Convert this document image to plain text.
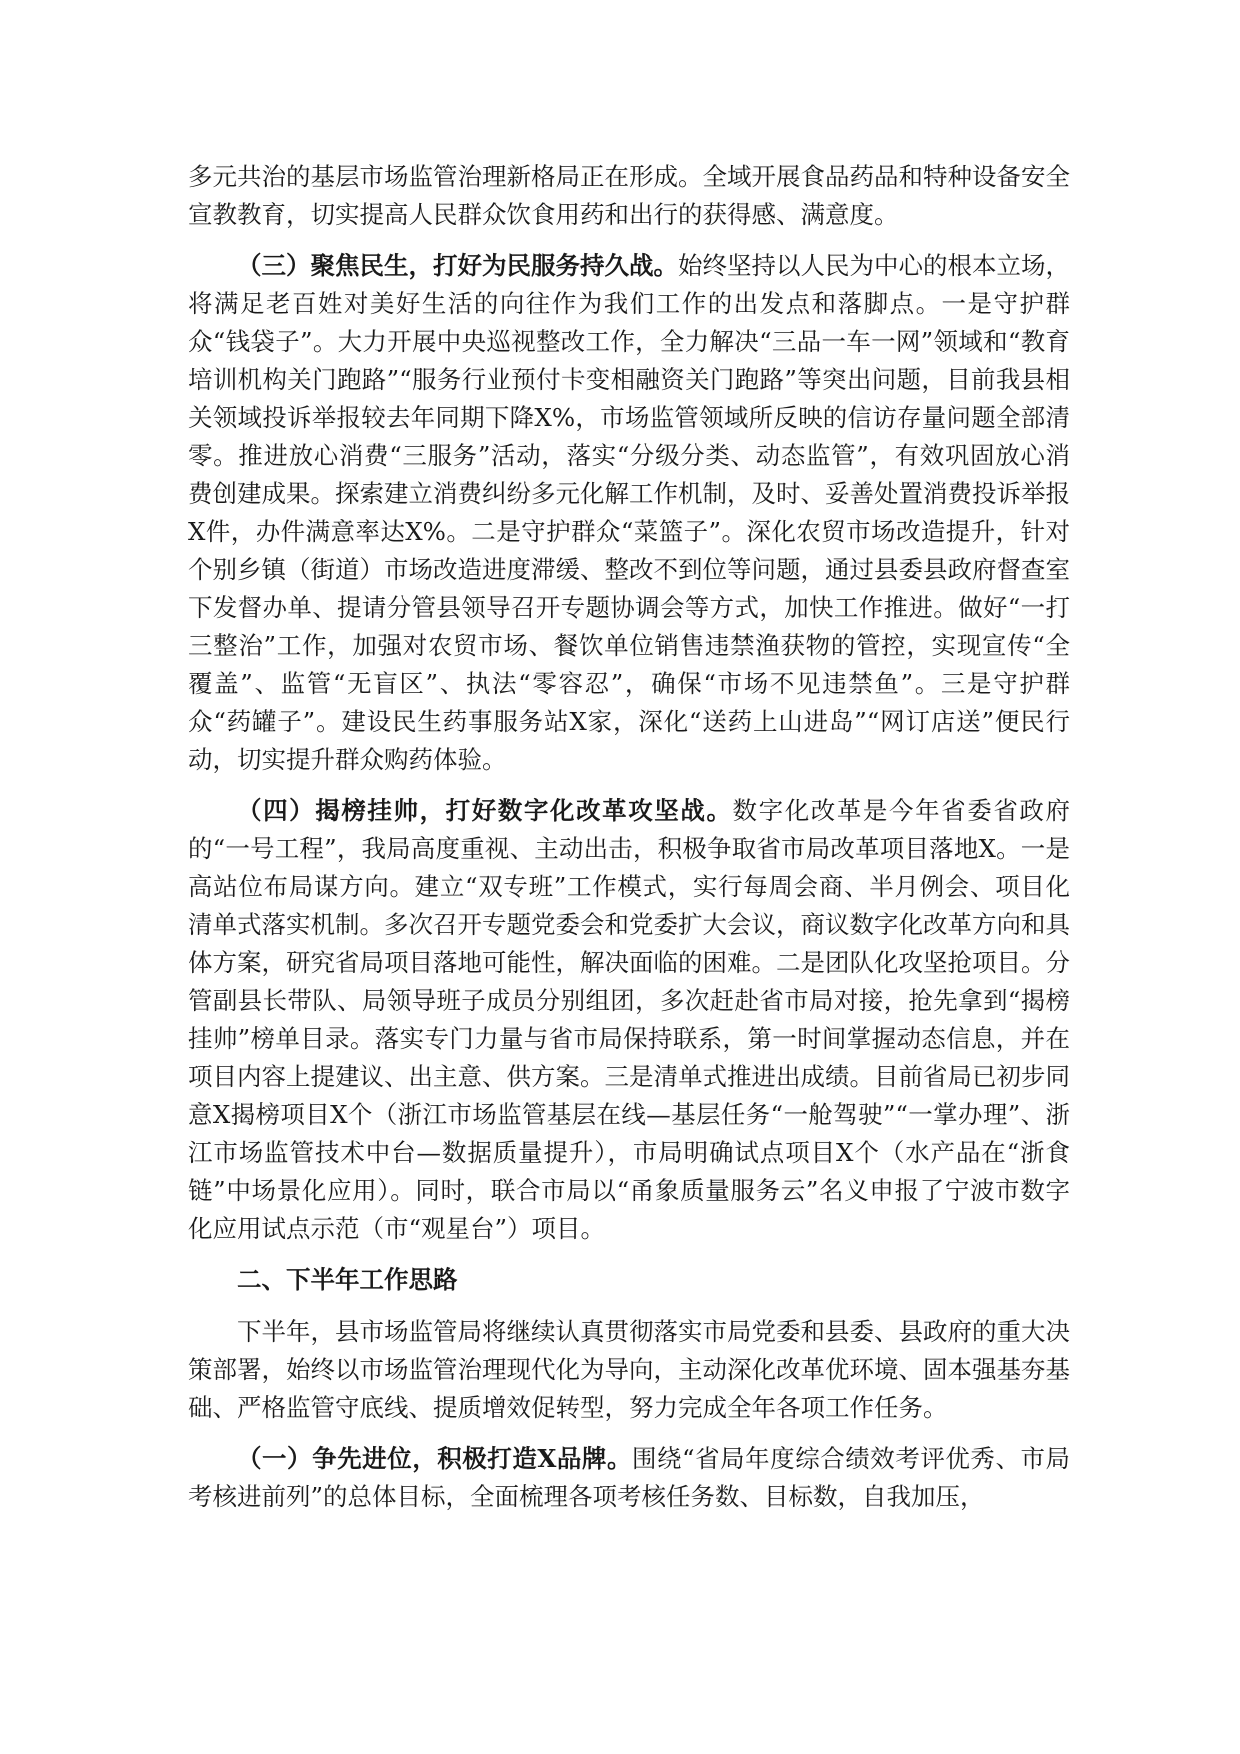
多元共治的基层市场监管治理新格局正在形成。全域开展食品药品和特种设备安全宣教教育，切实提高人民群众饮食用药和出行的获得感、满意度。

（三）聚焦民生，打好为民服务持久战。始终坚持以人民为中心的根本立场，将满足老百姓对美好生活的向往作为我们工作的出发点和落脚点。一是守护群众“钱袋子”。大力开展中央巡视整改工作，全力解决“三品一车一网”领域和“教育培训机构关门跑路”“服务行业预付卡变相融资关门跑路”等突出问题，目前我县相关领域投诉举报较去年同期下降X%，市场监管领域所反映的信访存量问题全部清零。推进放心消费“三服务”活动，落实“分级分类、动态监管”，有效巩固放心消费创建成果。探索建立消费纠纷多元化解工作机制，及时、妥善处置消费投诉举报X件，办件满意率达X%。二是守护群众“菜篮子”。深化农贸市场改造提升，针对个别乡镇（街道）市场改造进度滞缓、整改不到位等问题，通过县委县政府督查室下发督办单、提请分管县领导召开专题协调会等方式，加快工作推进。做好“一打三整治”工作，加强对农贸市场、餐饮单位销售违禁渔获物的管控，实现宣传“全覆盖”、监管“无盲区”、执法“零容忍”，确保“市场不见违禁鱼”。三是守护群众“药罐子”。建设民生药事服务站X家，深化“送药上山进岛”“网订店送”便民行动，切实提升群众购药体验。

（四）揭榜挂帅，打好数字化改革攻坚战。数字化改革是今年省委省政府的“一号工程”，我局高度重视、主动出击，积极争取省市局改革项目落地X。一是高站位布局谋方向。建立“双专班”工作模式，实行每周会商、半月例会、项目化清单式落实机制。多次召开专题党委会和党委扩大会议，商议数字化改革方向和具体方案，研究省局项目落地可能性，解决面临的困难。二是团队化攻坚抢项目。分管副县长带队、局领导班子成员分别组团，多次赶赴省市局对接，抢先拿到“揭榜挂帅”榜单目录。落实专门力量与省市局保持联系，第一时间掌握动态信息，并在项目内容上提建议、出主意、供方案。三是清单式推进出成绩。目前省局已初步同意X揭榜项目X个（浙江市场监管基层在线—基层任务“一舱驾驶”“一掌办理”、浙江市场监管技术中台—数据质量提升），市局明确试点项目X个（水产品在“浙食链”中场景化应用）。同时，联合市局以“甬象质量服务云”名义申报了宁波市数字化应用试点示范（市“观星台”）项目。

二、下半年工作思路

下半年，县市场监管局将继续认真贯彻落实市局党委和县委、县政府的重大决策部署，始终以市场监管治理现代化为导向，主动深化改革优环境、固本强基夯基础、严格监管守底线、提质增效促转型，努力完成全年各项工作任务。

（一）争先进位，积极打造X品牌。围绕“省局年度综合绩效考评优秀、市局考核进前列”的总体目标，全面梳理各项考核任务数、目标数，自我加压，
